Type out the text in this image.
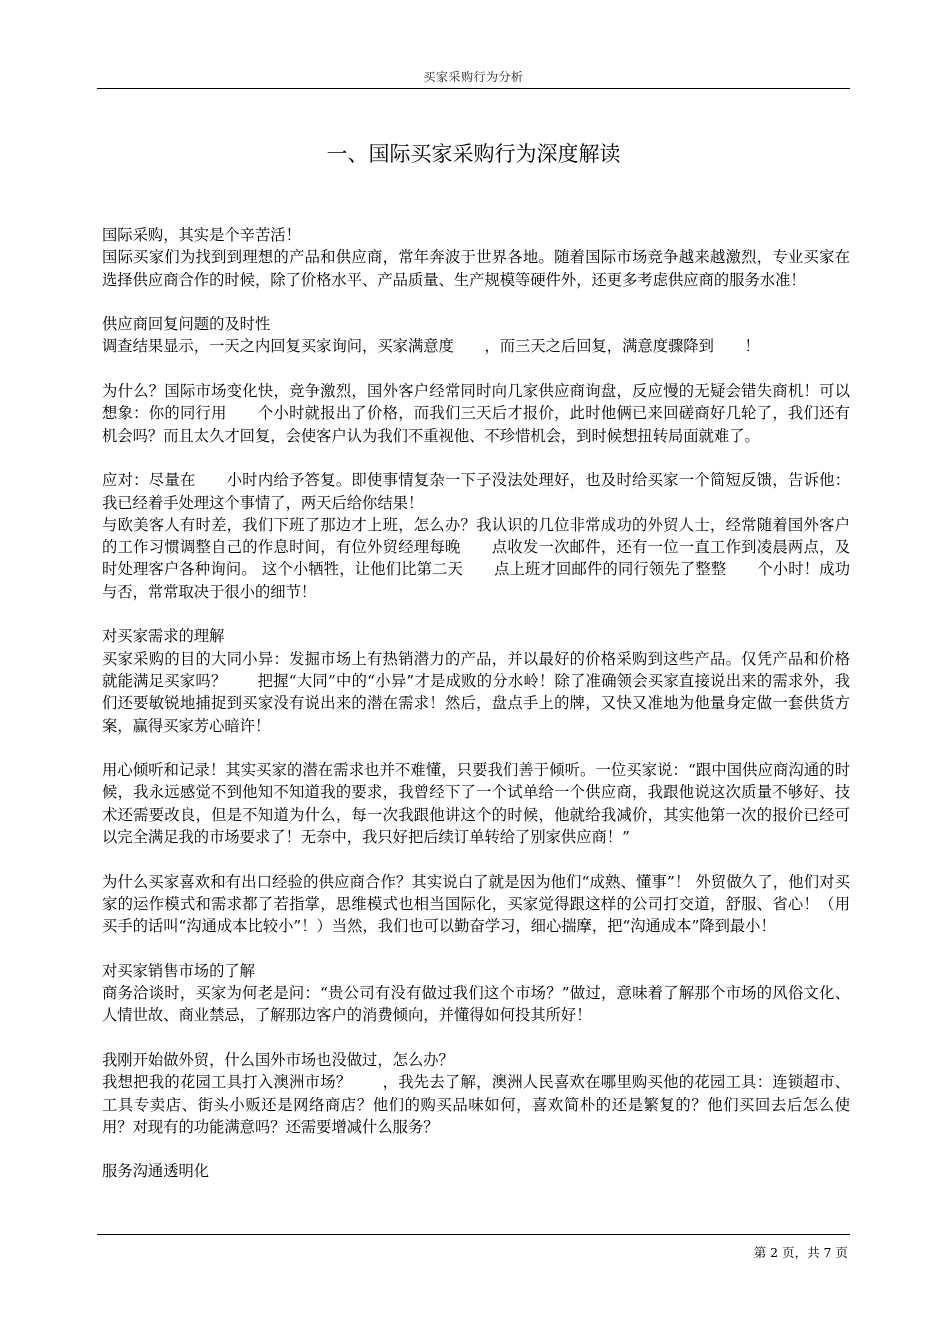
买家采购行为分析
一、国际买家采购行为深度解读

国际采购，其实是个辛苦活！

国际买家们为找到到理想的产品和供应商，常年奔波于世界各地。随着国际市场竞争越来越激烈，专业买家在选择供应商合作的时候，除了价格水平、产品质量、生产规模等硬件外，还更多考虑供应商的服务水准！

供应商回复问题的及时性

调查结果显示，一天之内回复买家询问，买家满意度　　，而三天之后回复，满意度骤降到　　！

为什么？国际市场变化快，竞争激烈，国外客户经常同时向几家供应商询盘，反应慢的无疑会错失商机！可以想象：你的同行用　　个小时就报出了价格，而我们三天后才报价，此时他俩已来回磋商好几轮了，我们还有机会吗？而且太久才回复，会使客户认为我们不重视他、不珍惜机会，到时候想扭转局面就难了。

应对：尽量在　　小时内给予答复。即使事情复杂一下子没法处理好，也及时给买家一个简短反馈，告诉他：我已经着手处理这个事情了，两天后给你结果！

与欧美客人有时差，我们下班了那边才上班，怎么办？我认识的几位非常成功的外贸人士，经常随着国外客户的工作习惯调整自己的作息时间，有位外贸经理每晚　　点收发一次邮件，还有一位一直工作到凌晨两点，及时处理客户各种询问。 这个小牺牲，让他们比第二天　　点上班才回邮件的同行领先了整整　　个小时！成功与否，常常取决于很小的细节！

对买家需求的理解

买家采购的目的大同小异：发掘市场上有热销潜力的产品，并以最好的价格采购到这些产品。仅凭产品和价格　　就能满足买家吗？　　把握“大同”中的“小异”才是成败的分水岭！除了准确领会买家直接说出来的需求外，我们还要敏锐地捕捉到买家没有说出来的潜在需求！然后，盘点手上的牌，又快又准地为他量身定做一套供货方案，赢得买家芳心暗许！

用心倾听和记录！其实买家的潜在需求也并不难懂，只要我们善于倾听。一位买家说：“跟中国供应商沟通的时候，我永远感觉不到他知不知道我的要求，我曾经下了一个试单给一个供应商，我跟他说这次质量不够好、技术还需要改良，但是不知道为什么，每一次我跟他讲这个的时候，他就给我减价，其实他第一次的报价已经可以完全满足我的市场要求了！无奈中，我只好把后续订单转给了别家供应商！”

为什么买家喜欢和有出口经验的供应商合作？其实说白了就是因为他们“成熟、懂事”！ 外贸做久了，他们对买家的运作模式和需求都了若指掌，思维模式也相当国际化，买家觉得跟这样的公司打交道，舒服、省心！（用买手的话叫“沟通成本比较小”！）当然，我们也可以勤奋学习，细心揣摩，把“沟通成本”降到最小！

对买家销售市场的了解

商务洽谈时，买家为何老是问：“贵公司有没有做过我们这个市场？”做过，意味着了解那个市场的风俗文化、人情世故、商业禁忌，了解那边客户的消费倾向，并懂得如何投其所好！

我刚开始做外贸，什么国外市场也没做过，怎么办？

我想把我的花园工具打入澳洲市场？　　，我先去了解，澳洲人民喜欢在哪里购买他的花园工具：连锁超市、工具专卖店、街头小贩还是网络商店？他们的购买品味如何，喜欢简朴的还是繁复的？他们买回去后怎么使用？对现有的功能满意吗？还需要增减什么服务？

服务沟通透明化

第 2 页，共 7 页
